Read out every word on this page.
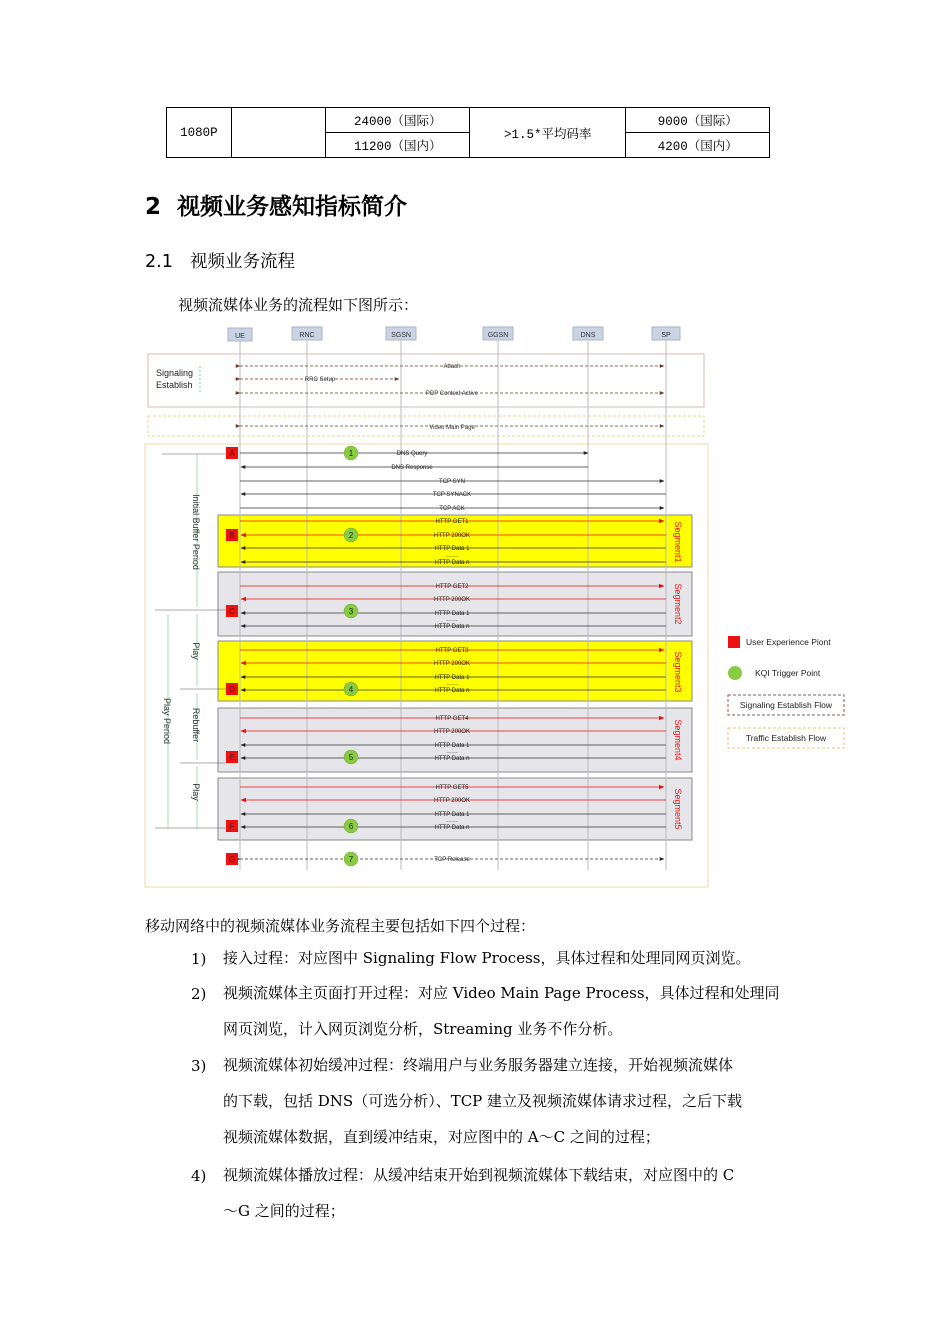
1080P		24000（国际）	>1.5*平均码率	9000（国际）
		11200（国内）		4200（国内）
2 视频业务感知指标简介
2.1 视频业务流程
视频流媒体业务的流程如下图所示：
UE	RNC	SGSN	GGSN	DNS	SP
Signaling
Establish
Attach
RRC Setup
PDP Context Active
Video Main Page
DNS Query
DNS Response
TCP SYN
TCP SYNACK
TCP ACK
HTTP GET1
HTTP 200OK
HTTP Data 1
……
HTTP Data n
HTTP GET2
HTTP 200OK
HTTP Data 1
……
HTTP Data n
HTTP GET3
HTTP 200OK
HTTP Data 1
……
HTTP Data n
HTTP GET4
HTTP 200OK
HTTP Data 1
……
HTTP Data n
HTTP GET5
HTTP 200OK
HTTP Data 1
……
HTTP Data n
TCP Release
Segment1
Segment2
Segment3
Segment4
Segment5
Initial Buffer Period
Play Period
Play
Rebuffer
Play
A
B
C
D
E
F
G
1
2
3
4
5
6
7
User Experience Piont
KQI Trigger Point
Signaling Establish Flow
Traffic Establish Flow
移动网络中的视频流媒体业务流程主要包括如下四个过程：
1) 接入过程：对应图中 Signaling Flow Process，具体过程和处理同网页浏览。
2) 视频流媒体主页面打开过程：对应 Video Main Page Process，具体过程和处理同
网页浏览，计入网页浏览分析，Streaming 业务不作分析。
3) 视频流媒体初始缓冲过程：终端用户与业务服务器建立连接，开始视频流媒体
的下载，包括 DNS（可选分析）、TCP 建立及视频流媒体请求过程，之后下载
视频流媒体数据，直到缓冲结束，对应图中的 A～C 之间的过程；
4) 视频流媒体播放过程：从缓冲结束开始到视频流媒体下载结束，对应图中的 C
～G 之间的过程；
